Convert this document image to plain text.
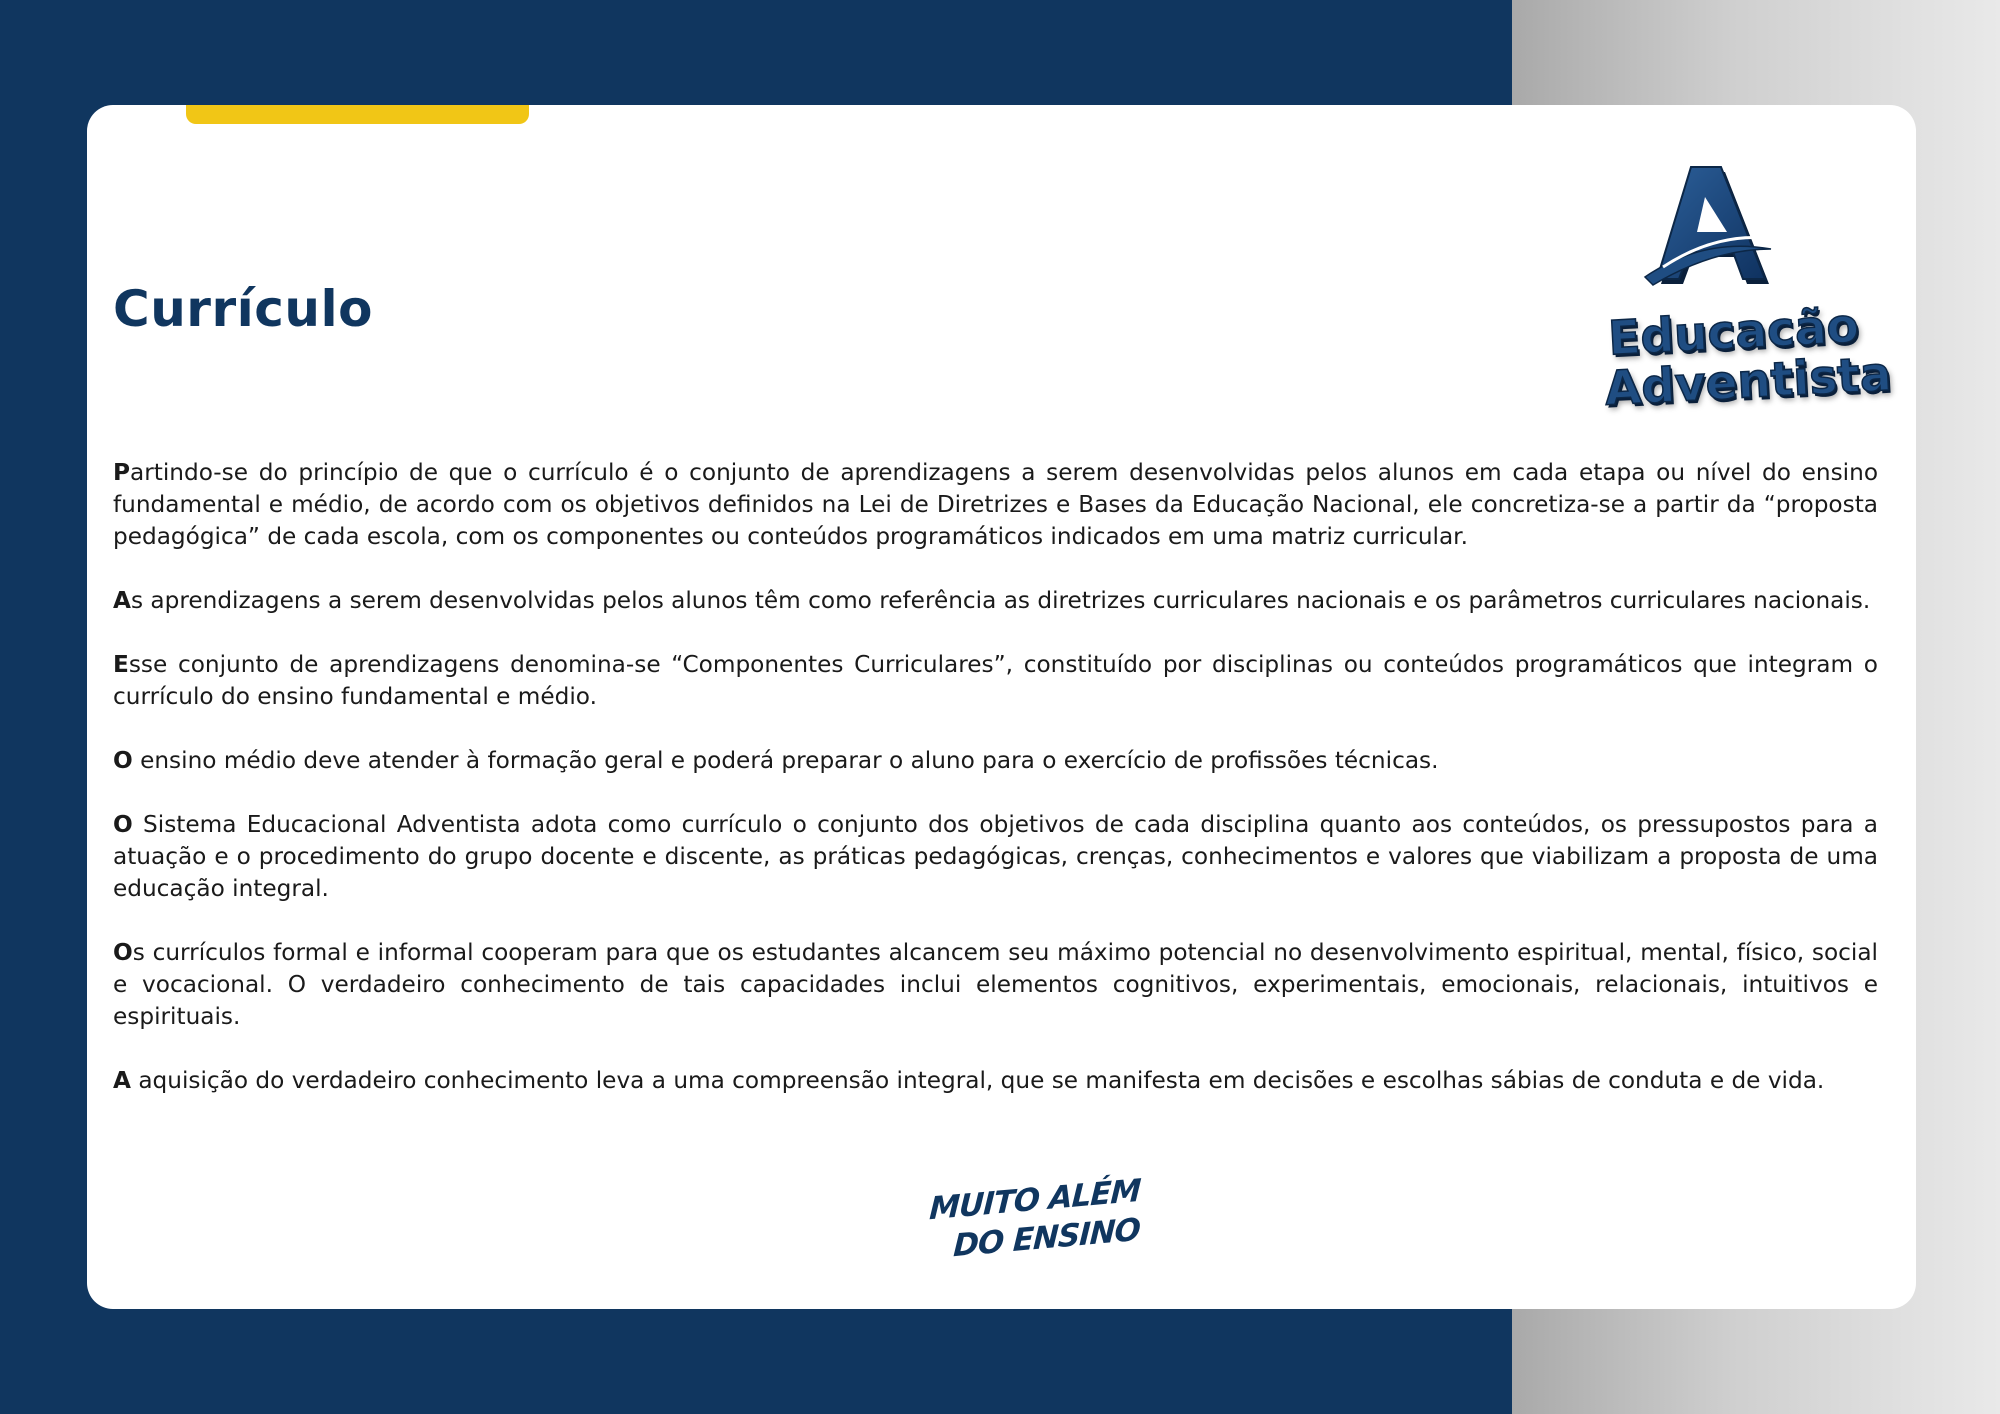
Currículo	Educacão
Adventista

Partindo-se do princípio de que o currículo é o conjunto de aprendizagens a serem desenvolvidas pelos alunos em cada etapa ou nível do ensino fundamental e médio, de acordo com os objetivos definidos na Lei de Diretrizes e Bases da Educação Nacional, ele concretiza-se a partir da “proposta pedagógica” de cada escola, com os componentes ou conteúdos programáticos indicados em uma matriz curricular.

As aprendizagens a serem desenvolvidas pelos alunos têm como referência as diretrizes curriculares nacionais e os parâmetros curriculares nacionais.

Esse conjunto de aprendizagens denomina-se “Componentes Curriculares”, constituído por disciplinas ou conteúdos programáticos que integram o currículo do ensino fundamental e médio.

O ensino médio deve atender à formação geral e poderá preparar o aluno para o exercício de profissões técnicas.

O Sistema Educacional Adventista adota como currículo o conjunto dos objetivos de cada disciplina quanto aos conteúdos, os pressupostos para a atuação e o procedimento do grupo docente e discente, as práticas pedagógicas, crenças, conhecimentos e valores que viabilizam a proposta de uma educação integral.

Os currículos formal e informal cooperam para que os estudantes alcancem seu máximo potencial no desenvolvimento espiritual, mental, físico, social e vocacional. O verdadeiro conhecimento de tais capacidades inclui elementos cognitivos, experimentais, emocionais, relacionais, intuitivos e espirituais.

A aquisição do verdadeiro conhecimento leva a uma compreensão integral, que se manifesta em decisões e escolhas sábias de conduta e de vida.

MUITO ALÉM
DO ENSINO
